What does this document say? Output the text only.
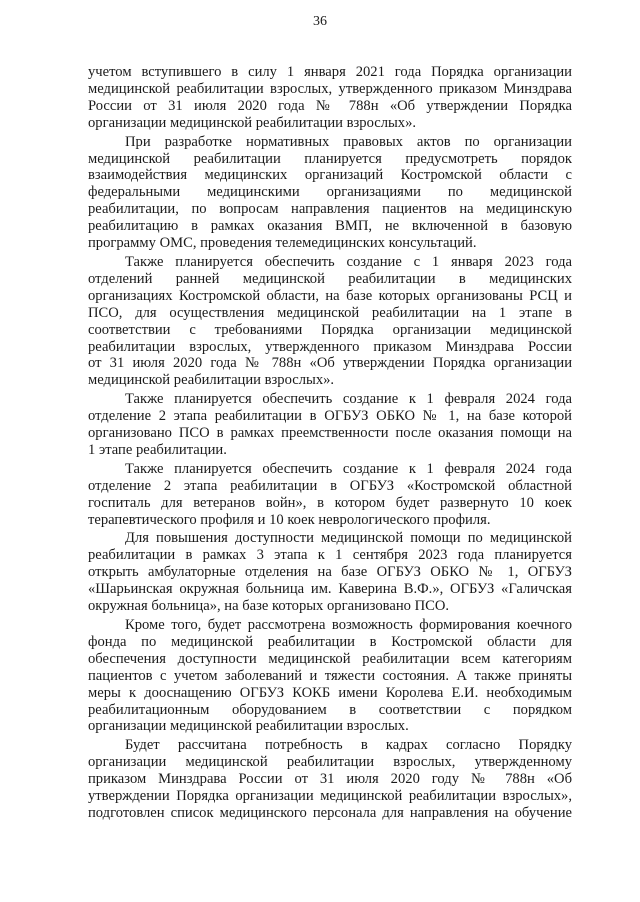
36
учетом вступившего в силу 1 января 2021 года Порядка организации
медицинской реабилитации взрослых, утвержденного приказом Минздрава
России от 31 июля 2020 года № 788н «Об утверждении Порядка
организации медицинской реабилитации взрослых».
При разработке нормативных правовых актов по организации
медицинской реабилитации планируется предусмотреть порядок
взаимодействия медицинских организаций Костромской области с
федеральными медицинскими организациями по медицинской
реабилитации, по вопросам направления пациентов на медицинскую
реабилитацию в рамках оказания ВМП, не включенной в базовую
программу ОМС, проведения телемедицинских консультаций.
Также планируется обеспечить создание с 1 января 2023 года
отделений ранней медицинской реабилитации в медицинских
организациях Костромской области, на базе которых организованы РСЦ и
ПСО, для осуществления медицинской реабилитации на 1 этапе в
соответствии с требованиями Порядка организации медицинской
реабилитации взрослых, утвержденного приказом Минздрава России
от 31 июля 2020 года № 788н «Об утверждении Порядка организации
медицинской реабилитации взрослых».
Также планируется обеспечить создание к 1 февраля 2024 года
отделение 2 этапа реабилитации в ОГБУЗ ОБКО № 1, на базе которой
организовано ПСО в рамках преемственности после оказания помощи на
1 этапе реабилитации.
Также планируется обеспечить создание к 1 февраля 2024 года
отделение 2 этапа реабилитации в ОГБУЗ «Костромской областной
госпиталь для ветеранов войн», в котором будет развернуто 10 коек
терапевтического профиля и 10 коек неврологического профиля.
Для повышения доступности медицинской помощи по медицинской
реабилитации в рамках 3 этапа к 1 сентября 2023 года планируется
открыть амбулаторные отделения на базе ОГБУЗ ОБКО № 1, ОГБУЗ
«Шарьинская окружная больница им. Каверина В.Ф.», ОГБУЗ «Галичская
окружная больница», на базе которых организовано ПСО.
Кроме того, будет рассмотрена возможность формирования коечного
фонда по медицинской реабилитации в Костромской области для
обеспечения доступности медицинской реабилитации всем категориям
пациентов с учетом заболеваний и тяжести состояния. А также приняты
меры к дооснащению ОГБУЗ КОКБ имени Королева Е.И. необходимым
реабилитационным оборудованием в соответствии с порядком
организации медицинской реабилитации взрослых.
Будет рассчитана потребность в кадрах согласно Порядку
организации медицинской реабилитации взрослых, утвержденному
приказом Минздрава России от 31 июля 2020 году № 788н «Об
утверждении Порядка организации медицинской реабилитации взрослых»,
подготовлен список медицинского персонала для направления на обучение
